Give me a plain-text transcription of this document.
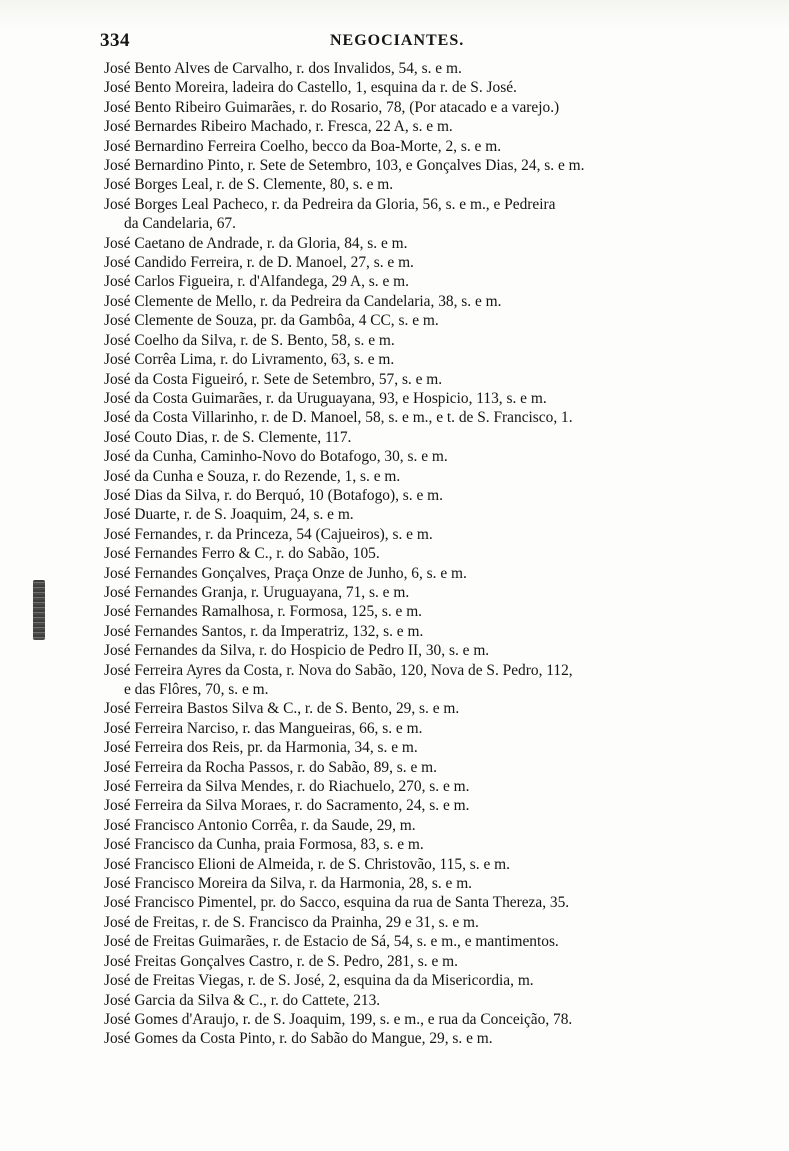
334	NEGOCIANTES.
José Bento Alves de Carvalho, r. dos Invalidos, 54, s. e m.
José Bento Moreira, ladeira do Castello, 1, esquina da r. de S. José.
José Bento Ribeiro Guimarães, r. do Rosario, 78, (Por atacado e a varejo.)
José Bernardes Ribeiro Machado, r. Fresca, 22 A, s. e m.
José Bernardino Ferreira Coelho, becco da Boa-Morte, 2, s. e m.
José Bernardino Pinto, r. Sete de Setembro, 103, e Gonçalves Dias, 24, s. e m.
José Borges Leal, r. de S. Clemente, 80, s. e m.
José Borges Leal Pacheco, r. da Pedreira da Gloria, 56, s. e m., e Pedreira
da Candelaria, 67.
José Caetano de Andrade, r. da Gloria, 84, s. e m.
José Candido Ferreira, r. de D. Manoel, 27, s. e m.
José Carlos Figueira, r. d'Alfandega, 29 A, s. e m.
José Clemente de Mello, r. da Pedreira da Candelaria, 38, s. e m.
José Clemente de Souza, pr. da Gambôa, 4 CC, s. e m.
José Coelho da Silva, r. de S. Bento, 58, s. e m.
José Corrêa Lima, r. do Livramento, 63, s. e m.
José da Costa Figueiró, r. Sete de Setembro, 57, s. e m.
José da Costa Guimarães, r. da Uruguayana, 93, e Hospicio, 113, s. e m.
José da Costa Villarinho, r. de D. Manoel, 58, s. e m., e t. de S. Francisco, 1.
José Couto Dias, r. de S. Clemente, 117.
José da Cunha, Caminho-Novo do Botafogo, 30, s. e m.
José da Cunha e Souza, r. do Rezende, 1, s. e m.
José Dias da Silva, r. do Berquó, 10 (Botafogo), s. e m.
José Duarte, r. de S. Joaquim, 24, s. e m.
José Fernandes, r. da Princeza, 54 (Cajueiros), s. e m.
José Fernandes Ferro & C., r. do Sabão, 105.
José Fernandes Gonçalves, Praça Onze de Junho, 6, s. e m.
José Fernandes Granja, r. Uruguayana, 71, s. e m.
José Fernandes Ramalhosa, r. Formosa, 125, s. e m.
José Fernandes Santos, r. da Imperatriz, 132, s. e m.
José Fernandes da Silva, r. do Hospicio de Pedro II, 30, s. e m.
José Ferreira Ayres da Costa, r. Nova do Sabão, 120, Nova de S. Pedro, 112,
e das Flôres, 70, s. e m.
José Ferreira Bastos Silva & C., r. de S. Bento, 29, s. e m.
José Ferreira Narciso, r. das Mangueiras, 66, s. e m.
José Ferreira dos Reis, pr. da Harmonia, 34, s. e m.
José Ferreira da Rocha Passos, r. do Sabão, 89, s. e m.
José Ferreira da Silva Mendes, r. do Riachuelo, 270, s. e m.
José Ferreira da Silva Moraes, r. do Sacramento, 24, s. e m.
José Francisco Antonio Corrêa, r. da Saude, 29, m.
José Francisco da Cunha, praia Formosa, 83, s. e m.
José Francisco Elioni de Almeida, r. de S. Christovão, 115, s. e m.
José Francisco Moreira da Silva, r. da Harmonia, 28, s. e m.
José Francisco Pimentel, pr. do Sacco, esquina da rua de Santa Thereza, 35.
José de Freitas, r. de S. Francisco da Prainha, 29 e 31, s. e m.
José de Freitas Guimarães, r. de Estacio de Sá, 54, s. e m., e mantimentos.
José Freitas Gonçalves Castro, r. de S. Pedro, 281, s. e m.
José de Freitas Viegas, r. de S. José, 2, esquina da da Misericordia, m.
José Garcia da Silva & C., r. do Cattete, 213.
José Gomes d'Araujo, r. de S. Joaquim, 199, s. e m., e rua da Conceição, 78.
José Gomes da Costa Pinto, r. do Sabão do Mangue, 29, s. e m.
